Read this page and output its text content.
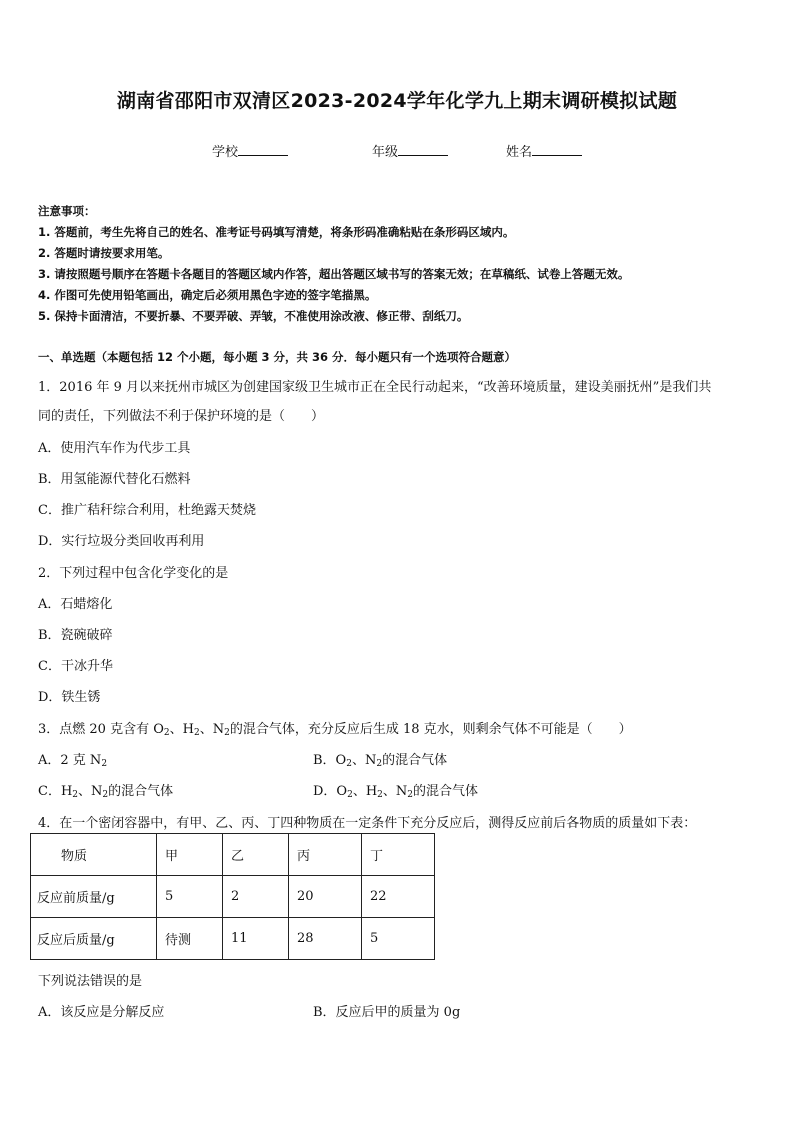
湖南省邵阳市双清区2023-2024学年化学九上期末调研模拟试题
学校	年级	姓名
注意事项：
1. 答题前，考生先将自己的姓名、准考证号码填写清楚，将条形码准确粘贴在条形码区域内。
2. 答题时请按要求用笔。
3. 请按照题号顺序在答题卡各题目的答题区域内作答，超出答题区域书写的答案无效；在草稿纸、试卷上答题无效。
4. 作图可先使用铅笔画出，确定后必须用黑色字迹的签字笔描黑。
5. 保持卡面清洁，不要折暴、不要弄破、弄皱，不准使用涂改液、修正带、刮纸刀。
一、单选题（本题包括 12 个小题，每小题 3 分，共 36 分．每小题只有一个选项符合题意）
1．2016 年 9 月以来抚州市城区为创建国家级卫生城市正在全民行动起来，“改善环境质量，建设美丽抚州”是我们共
同的责任，下列做法不利于保护环境的是（　　）
A．使用汽车作为代步工具
B．用氢能源代替化石燃料
C．推广秸秆综合利用，杜绝露天焚烧
D．实行垃圾分类回收再利用
2．下列过程中包含化学变化的是
A．石蜡熔化
B．瓷碗破碎
C．干冰升华
D．铁生锈
3．点燃 20 克含有 $O_2$、$H_2$、$N_2$的混合气体，充分反应后生成 18 克水，则剩余气体不可能是（　　）
A．2 克 $N_2$	B．$O_2$、$N_2$的混合气体
C．$H_2$、$N_2$的混合气体	D．$O_2$、$H_2$、$N_2$的混合气体
4．在一个密闭容器中，有甲、乙、丙、丁四种物质在一定条件下充分反应后，测得反应前后各物质的质量如下表：
物质	甲	乙	丙	丁
反应前质量/g	5	2	20	22
反应后质量/g	待测	11	28	5
下列说法错误的是
A．该反应是分解反应	B．反应后甲的质量为 0g
